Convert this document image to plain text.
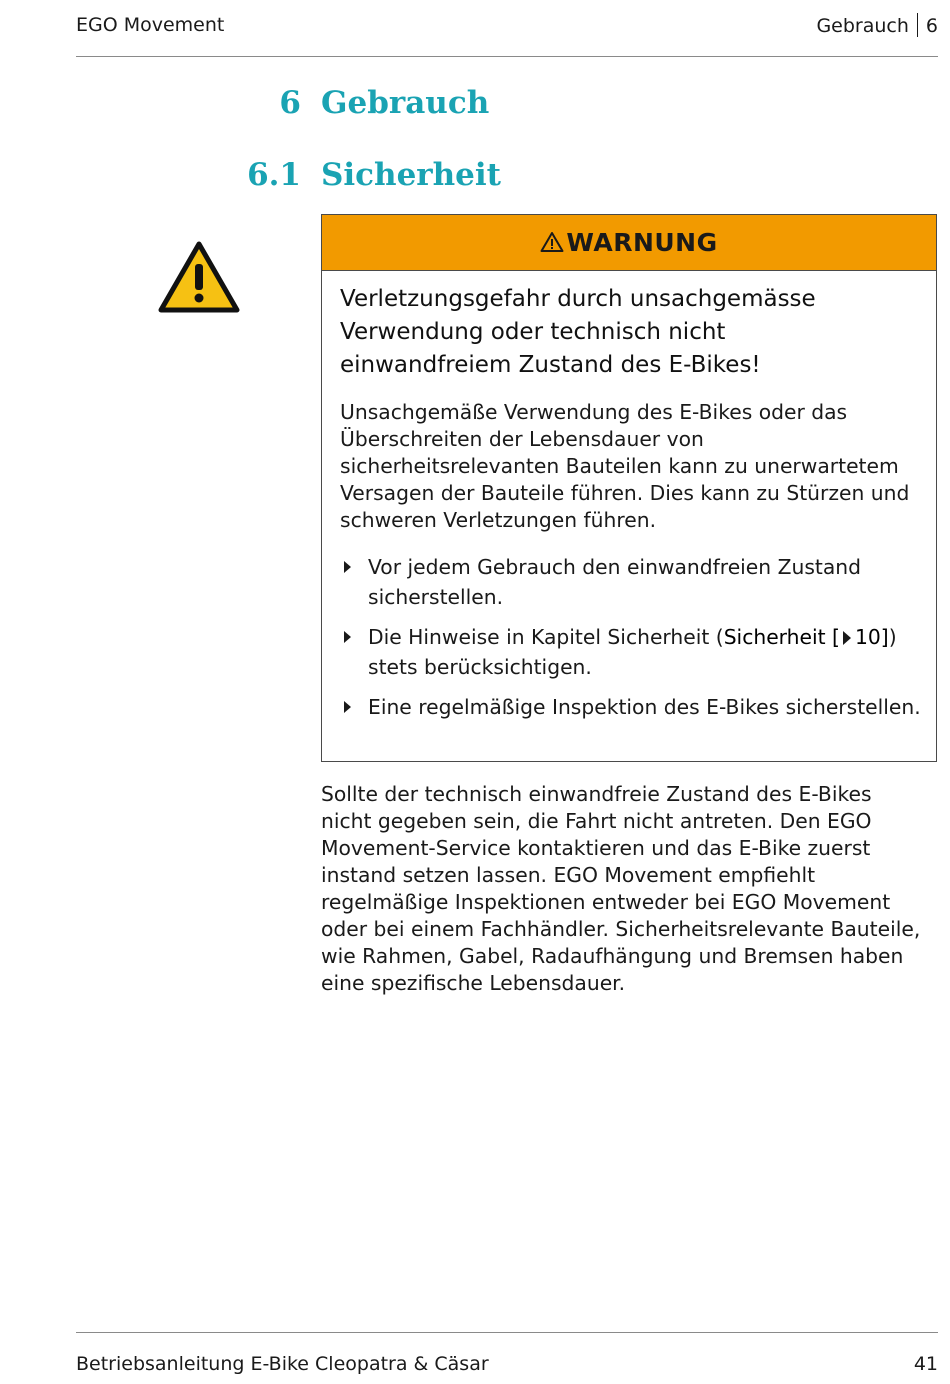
EGO Movement	Gebrauch 6
6 Gebrauch
6.1 Sicherheit
WARNUNG
Verletzungsgefahr durch unsachgemässe Verwendung oder technisch nicht einwandfreiem Zustand des E-Bikes!
Unsachgemäße Verwendung des E-Bikes oder das Überschreiten der Lebensdauer von sicherheitsrelevanten Bauteilen kann zu unerwartetem Versagen der Bauteile führen. Dies kann zu Stürzen und schweren Verletzungen führen.
Vor jedem Gebrauch den einwandfreien Zustand sicherstellen.
Die Hinweise in Kapitel Sicherheit (Sicherheit [ 10]) stets berücksichtigen.
Eine regelmäßige Inspektion des E-Bikes sicherstellen.
Sollte der technisch einwandfreie Zustand des E-Bikes nicht gegeben sein, die Fahrt nicht antreten. Den EGO Movement-Service kontaktieren und das E-Bike zuerst instand setzen lassen. EGO Movement empfiehlt regelmäßige Inspektionen entweder bei EGO Movement oder bei einem Fachhändler. Sicherheitsrelevante Bauteile, wie Rahmen, Gabel, Radaufhängung und Bremsen haben eine spezifische Lebensdauer.
Betriebsanleitung E-Bike Cleopatra & Cäsar	41
